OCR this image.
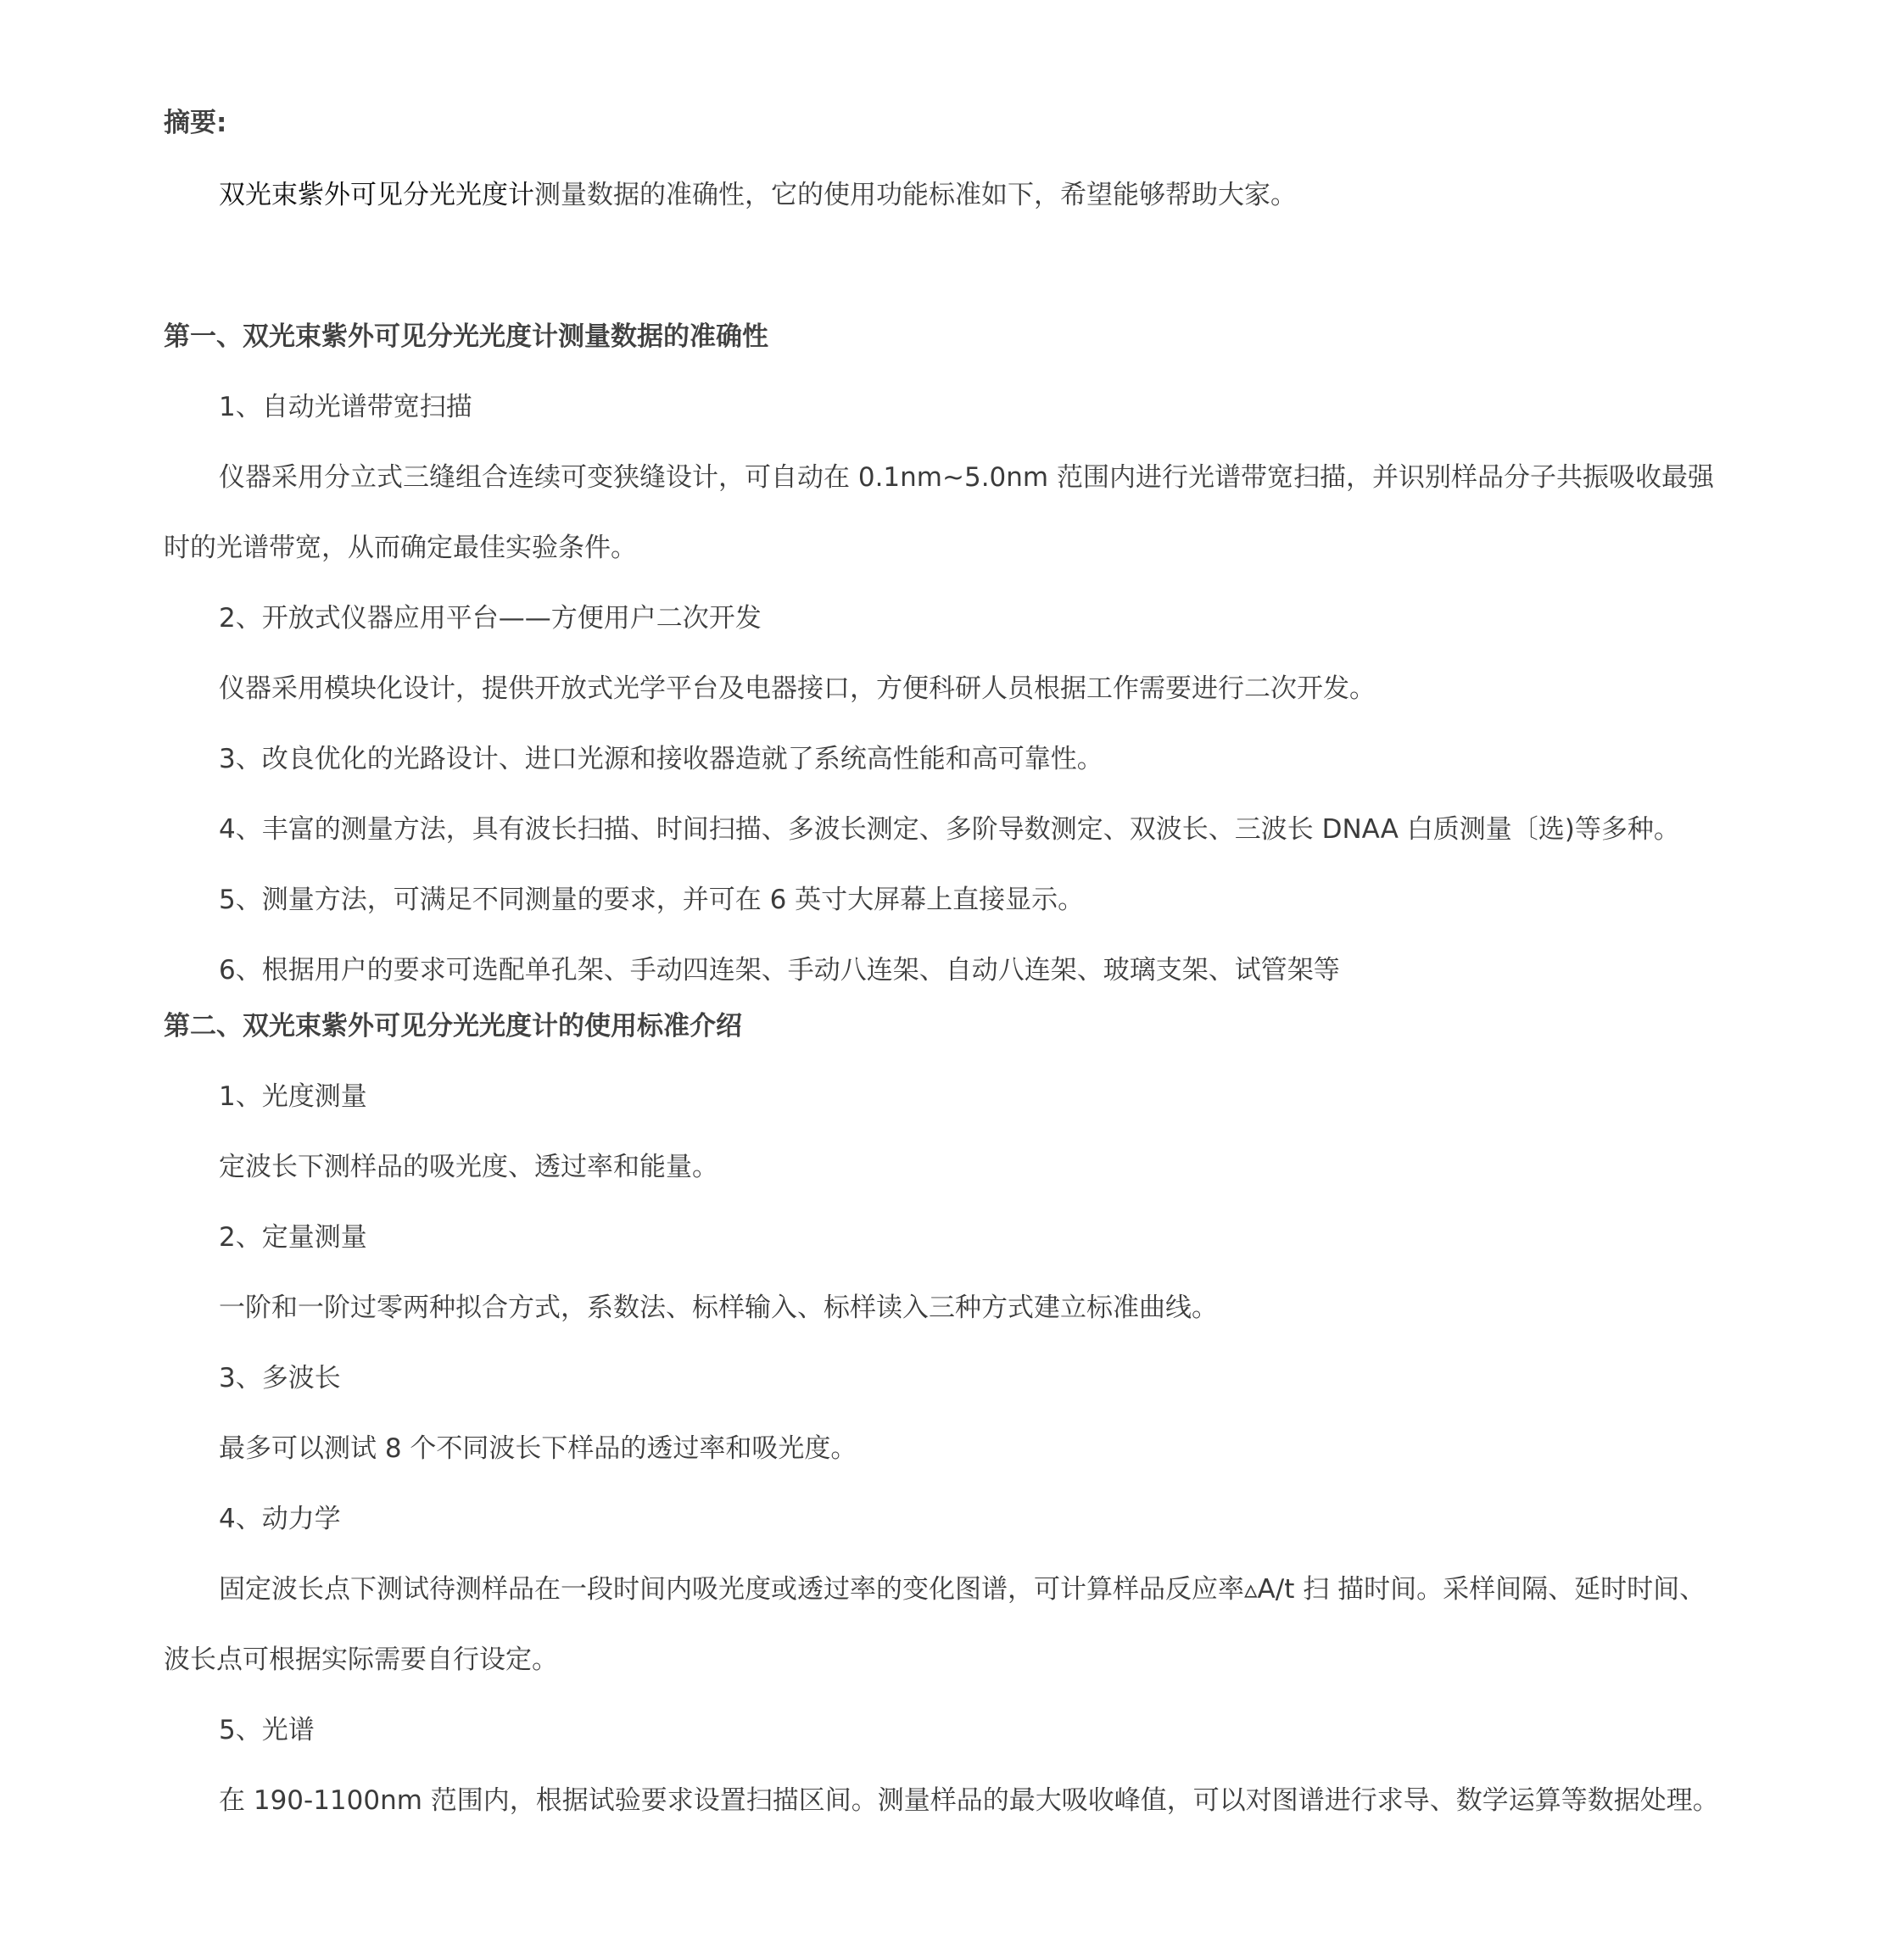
摘要:
双光束紫外可见分光光度计测量数据的准确性，它的使用功能标准如下，希望能够帮助大家。
第一、双光束紫外可见分光光度计测量数据的准确性
1、自动光谱带宽扫描
仪器采用分立式三缝组合连续可变狭缝设计，可自动在 0.1nm~5.0nm 范围内进行光谱带宽扫描，并识别样品分子共振吸收最强
时的光谱带宽，从而确定最佳实验条件。
2、开放式仪器应用平台——方便用户二次开发
仪器采用模块化设计，提供开放式光学平台及电器接口，方便科研人员根据工作需要进行二次开发。
3、改良优化的光路设计、进口光源和接收器造就了系统高性能和高可靠性。
4、丰富的测量方法，具有波长扫描、时间扫描、多波长测定、多阶导数测定、双波长、三波长 DNAA 白质测量〔选)等多种。
5、测量方法，可满足不同测量的要求，并可在 6 英寸大屏幕上直接显示。
6、根据用户的要求可选配单孔架、手动四连架、手动八连架、自动八连架、玻璃支架、试管架等
第二、双光束紫外可见分光光度计的使用标准介绍
1、光度测量
定波长下测样品的吸光度、透过率和能量。
2、定量测量
一阶和一阶过零两种拟合方式，系数法、标样输入、标样读入三种方式建立标准曲线。
3、多波长
最多可以测试 8 个不同波长下样品的透过率和吸光度。
4、动力学
固定波长点下测试待测样品在一段时间内吸光度或透过率的变化图谱，可计算样品反应率▵A/t 扫 描时间。采样间隔、延时时间、
波长点可根据实际需要自行设定。
5、光谱
在 190-1100nm 范围内，根据试验要求设置扫描区间。测量样品的最大吸收峰值，可以对图谱进行求导、数学运算等数据处理。
